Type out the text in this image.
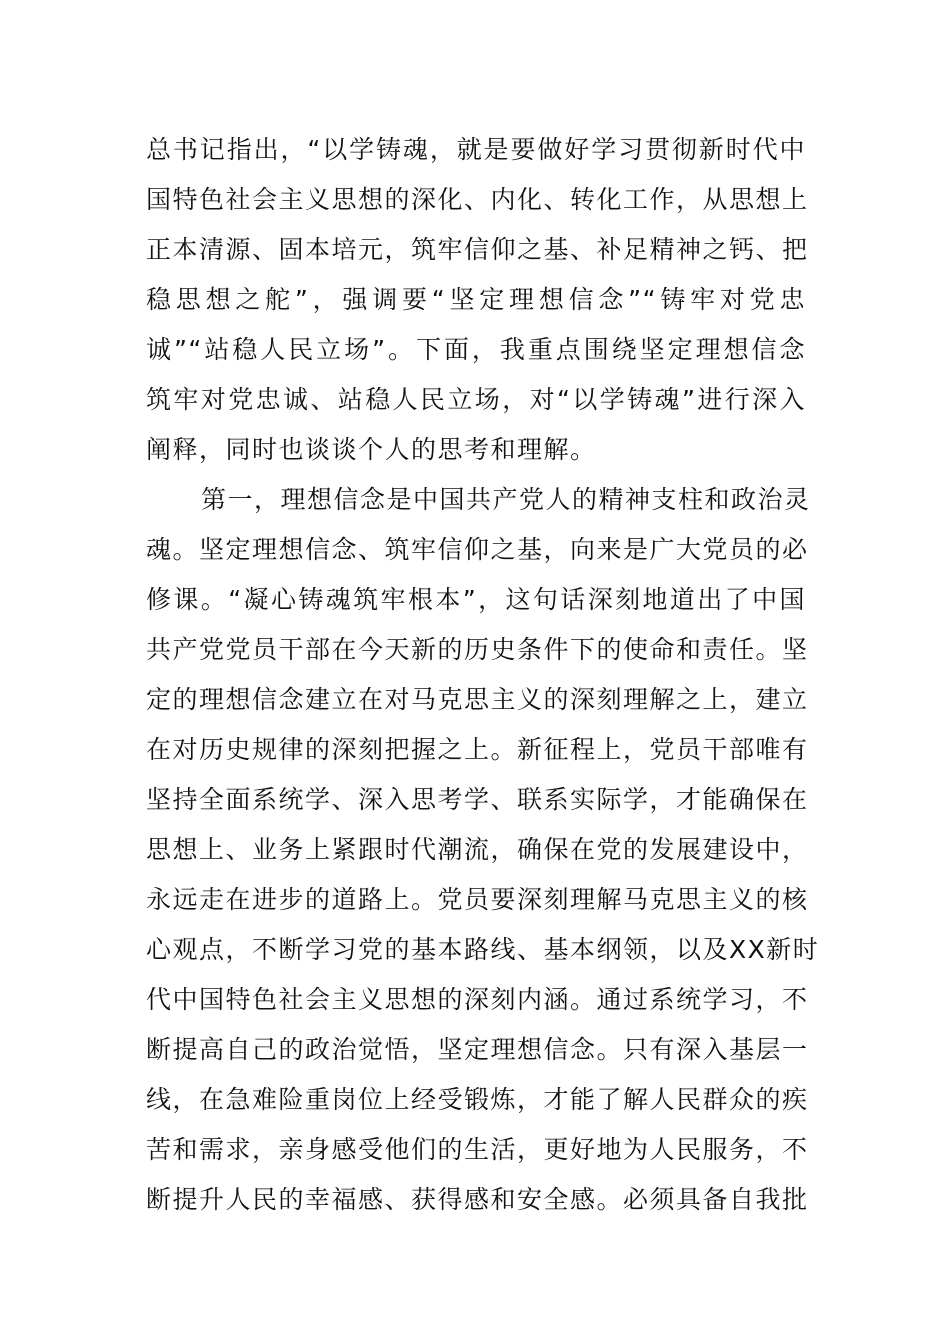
总书记指出，“以学铸魂，就是要做好学习贯彻新时代中
国特色社会主义思想的深化、内化、转化工作，从思想上
正本清源、固本培元，筑牢信仰之基、补足精神之钙、把
稳思想之舵”，强调要“坚定理想信念”“铸牢对党忠
诚”“站稳人民立场”。下面，我重点围绕坚定理想信念
筑牢对党忠诚、站稳人民立场，对“以学铸魂”进行深入
阐释，同时也谈谈个人的思考和理解。
第一，理想信念是中国共产党人的精神支柱和政治灵
魂。坚定理想信念、筑牢信仰之基，向来是广大党员的必
修课。“凝心铸魂筑牢根本”，这句话深刻地道出了中国
共产党党员干部在今天新的历史条件下的使命和责任。坚
定的理想信念建立在对马克思主义的深刻理解之上，建立
在对历史规律的深刻把握之上。新征程上，党员干部唯有
坚持全面系统学、深入思考学、联系实际学，才能确保在
思想上、业务上紧跟时代潮流，确保在党的发展建设中，
永远走在进步的道路上。党员要深刻理解马克思主义的核
心观点，不断学习党的基本路线、基本纲领，以及XX新时
代中国特色社会主义思想的深刻内涵。通过系统学习，不
断提高自己的政治觉悟，坚定理想信念。只有深入基层一
线，在急难险重岗位上经受锻炼，才能了解人民群众的疾
苦和需求，亲身感受他们的生活，更好地为人民服务，不
断提升人民的幸福感、获得感和安全感。必须具备自我批
